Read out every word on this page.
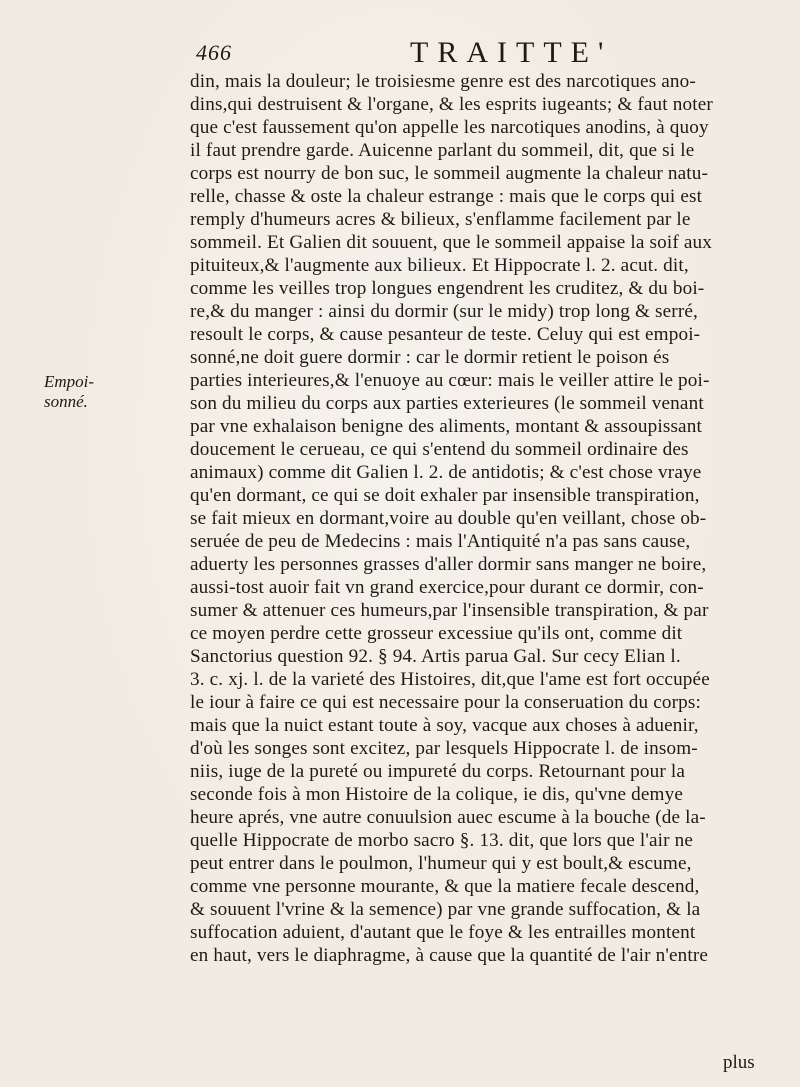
466	TRAITTE'
Empoi-
sonné.
din, mais la douleur; le troisiesme genre est des narcotiques ano-
dins,qui destruisent & l'organe, & les esprits iugeants; & faut noter
que c'est faussement qu'on appelle les narcotiques anodins, à quoy
il faut prendre garde. Auicenne parlant du sommeil, dit, que si le
corps est nourry de bon suc, le sommeil augmente la chaleur natu-
relle, chasse & oste la chaleur estrange : mais que le corps qui est
remply d'humeurs acres & bilieux, s'enflamme facilement par le
sommeil. Et Galien dit souuent, que le sommeil appaise la soif aux
pituiteux,& l'augmente aux bilieux. Et Hippocrate l. 2. acut. dit,
comme les veilles trop longues engendrent les cruditez, & du boi-
re,& du manger : ainsi du dormir (sur le midy) trop long & serré,
resoult le corps, & cause pesanteur de teste. Celuy qui est empoi-
sonné,ne doit guere dormir : car le dormir retient le poison és
parties interieures,& l'enuoye au cœur: mais le veiller attire le poi-
son du milieu du corps aux parties exterieures (le sommeil venant
par vne exhalaison benigne des aliments, montant & assoupissant
doucement le cerueau, ce qui s'entend du sommeil ordinaire des
animaux) comme dit Galien l. 2. de antidotis; & c'est chose vraye
qu'en dormant, ce qui se doit exhaler par insensible transpiration,
se fait mieux en dormant,voire au double qu'en veillant, chose ob-
seruée de peu de Medecins : mais l'Antiquité n'a pas sans cause,
aduerty les personnes grasses d'aller dormir sans manger ne boire,
aussi-tost auoir fait vn grand exercice,pour durant ce dormir, con-
sumer & attenuer ces humeurs,par l'insensible transpiration, & par
ce moyen perdre cette grosseur excessiue qu'ils ont, comme dit
Sanctorius question 92. § 94. Artis parua Gal. Sur cecy Elian l.
3. c. xj. l. de la varieté des Histoires, dit,que l'ame est fort occupée
le iour à faire ce qui est necessaire pour la conseruation du corps:
mais que la nuict estant toute à soy, vacque aux choses à aduenir,
d'où les songes sont excitez, par lesquels Hippocrate l. de insom-
niis, iuge de la pureté ou impureté du corps. Retournant pour la
seconde fois à mon Histoire de la colique, ie dis, qu'vne demye
heure aprés, vne autre conuulsion auec escume à la bouche (de la-
quelle Hippocrate de morbo sacro §. 13. dit, que lors que l'air ne
peut entrer dans le poulmon, l'humeur qui y est boult,& escume,
comme vne personne mourante, & que la matiere fecale descend,
& souuent l'vrine & la semence) par vne grande suffocation, & la
suffocation aduient, d'autant que le foye & les entrailles montent
en haut, vers le diaphragme, à cause que la quantité de l'air n'entre
plus
